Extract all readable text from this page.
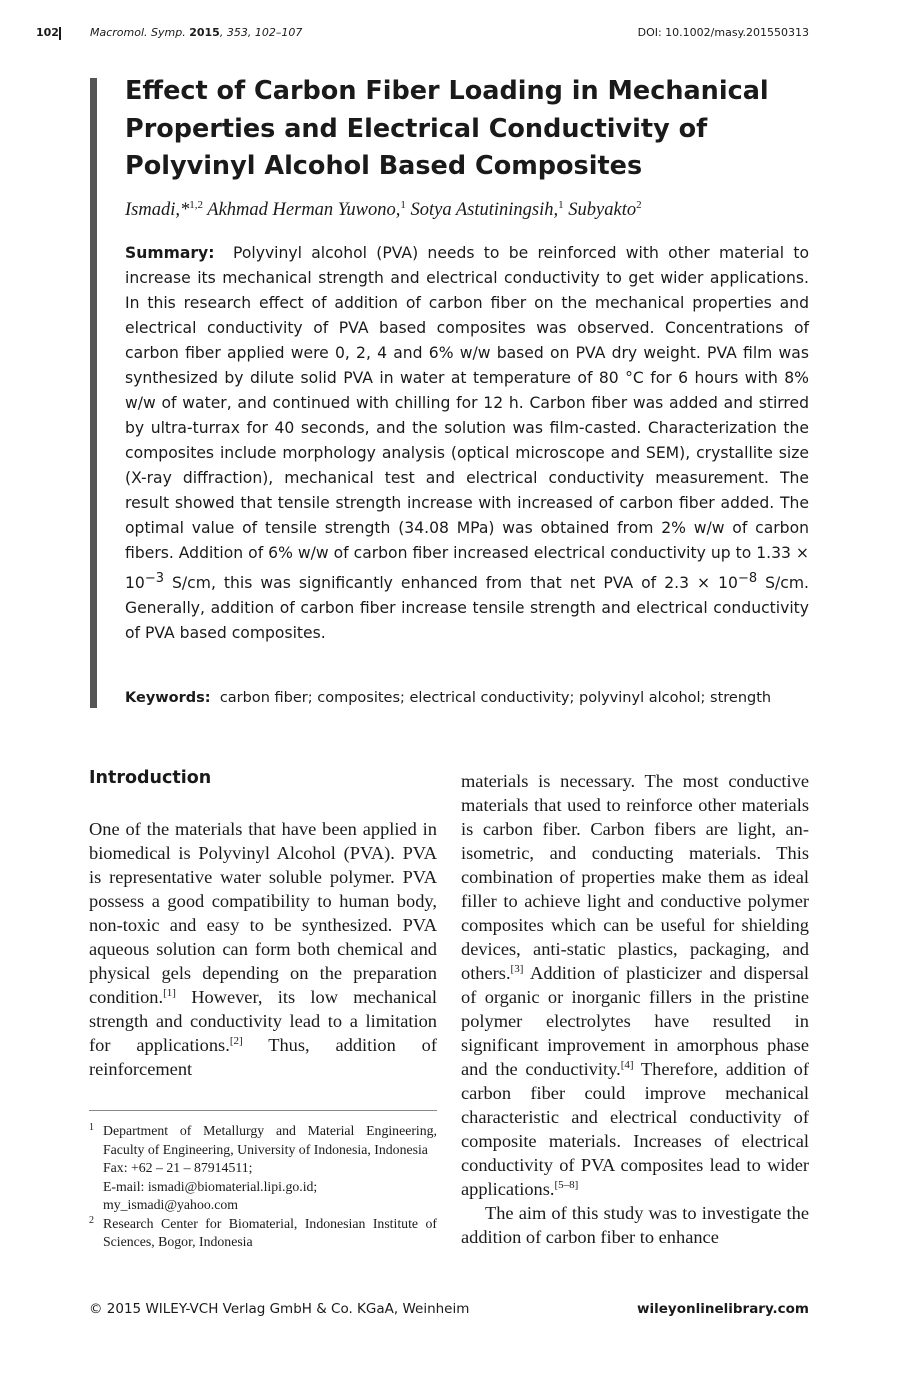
102	Macromol. Symp. 2015, 353, 102–107	DOI: 10.1002/masy.201550313
Effect of Carbon Fiber Loading in Mechanical Properties and Electrical Conductivity of Polyvinyl Alcohol Based Composites
Ismadi,*$^{1,2}$ Akhmad Herman Yuwono,$^1$ Sotya Astutiningsih,$^1$ Subyakto$^2$

Summary: Polyvinyl alcohol (PVA) needs to be reinforced with other material to increase its mechanical strength and electrical conductivity to get wider applications. In this research effect of addition of carbon fiber on the mechanical properties and electrical conductivity of PVA based composites was observed. Concentrations of carbon fiber applied were 0, 2, 4 and 6% w/w based on PVA dry weight. PVA film was synthesized by dilute solid PVA in water at temperature of 80 °C for 6 hours with 8% w/w of water, and continued with chilling for 12 h. Carbon fiber was added and stirred by ultra-turrax for 40 seconds, and the solution was film-casted. Characterization the composites include morphology analysis (optical microscope and SEM), crystallite size (X-ray diffraction), mechanical test and electrical conductivity measurement. The result showed that tensile strength increase with increased of carbon fiber added. The optimal value of tensile strength (34.08 MPa) was obtained from 2% w/w of carbon fibers. Addition of 6% w/w of carbon fiber increased electrical conductivity up to $1.33 \times 10^{-3}$ S/cm, this was significantly enhanced from that net PVA of $2.3 \times 10^{-8}$ S/cm. Generally, addition of carbon fiber increase tensile strength and electrical conductivity of PVA based composites.

Keywords: carbon fiber; composites; electrical conductivity; polyvinyl alcohol; strength
Introduction

One of the materials that have been applied in biomedical is Polyvinyl Alcohol (PVA). PVA is representative water soluble polymer. PVA possess a good compatibility to human body, non-toxic and easy to be synthesized. PVA aqueous solution can form both chemical and physical gels depending on the preparation condition.[1] However, its low mechanical strength and conductivity lead to a limitation for applications.[2] Thus, addition of reinforcement

materials is necessary. The most conductive materials that used to reinforce other materials is carbon fiber. Carbon fibers are light, an-isometric, and conducting materials. This combination of properties make them as ideal filler to achieve light and conductive polymer composites which can be useful for shielding devices, anti-static plastics, packaging, and others.[3] Addition of plasticizer and dispersal of organic or inorganic fillers in the pristine polymer electrolytes have resulted in significant improvement in amorphous phase and the conductivity.[4] Therefore, addition of carbon fiber could improve mechanical characteristic and electrical conductivity of composite materials. Increases of electrical conductivity of PVA composites lead to wider applications.[5–8]
The aim of this study was to investigate the addition of carbon fiber to enhance

1 Department of Metallurgy and Material Engineering, Faculty of Engineering, University of Indonesia, Indonesia
Fax: +62 – 21 – 87914511;
E-mail: ismadi@biomaterial.lipi.go.id;
my_ismadi@yahoo.com
2 Research Center for Biomaterial, Indonesian Institute of Sciences, Bogor, Indonesia
© 2015 WILEY-VCH Verlag GmbH & Co. KGaA, Weinheim	wileyonlinelibrary.com
